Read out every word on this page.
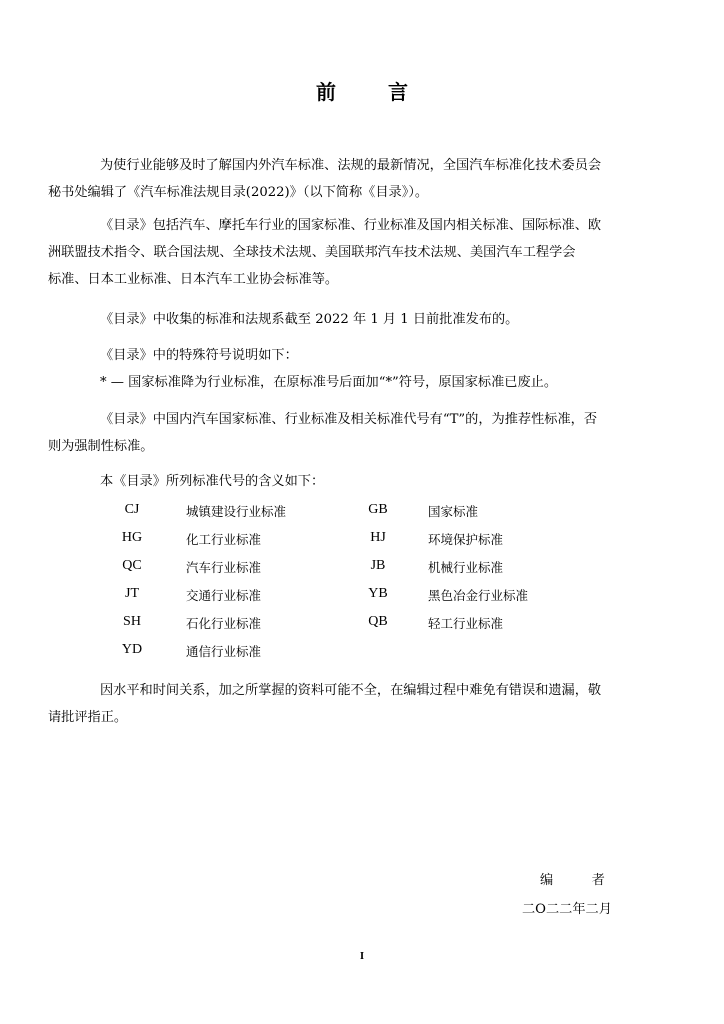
前	言
为使行业能够及时了解国内外汽车标准、法规的最新情况，全国汽车标准化技术委员会
秘书处编辑了《汽车标准法规目录(2022)》（以下简称《目录》）。
《目录》包括汽车、摩托车行业的国家标准、行业标准及国内相关标准、国际标准、欧
洲联盟技术指令、联合国法规、全球技术法规、美国联邦汽车技术法规、美国汽车工程学会
标准、日本工业标准、日本汽车工业协会标准等。
《目录》中收集的标准和法规系截至 2022 年 1 月 1 日前批准发布的。
《目录》中的特殊符号说明如下：
* — 国家标准降为行业标准，在原标准号后面加“*”符号，原国家标准已废止。
《目录》中国内汽车国家标准、行业标准及相关标准代号有“T”的，为推荐性标准，否
则为强制性标准。
本《目录》所列标准代号的含义如下：
CJ	城镇建设行业标准	GB	国家标准
HG	化工行业标准	HJ	环境保护标准
QC	汽车行业标准	JB	机械行业标准
JT	交通行业标准	YB	黑色冶金行业标准
SH	石化行业标准	QB	轻工行业标准
YD	通信行业标准
因水平和时间关系，加之所掌握的资料可能不全，在编辑过程中难免有错误和遗漏，敬
请批评指正。
编	者
二O二二年二月
I
